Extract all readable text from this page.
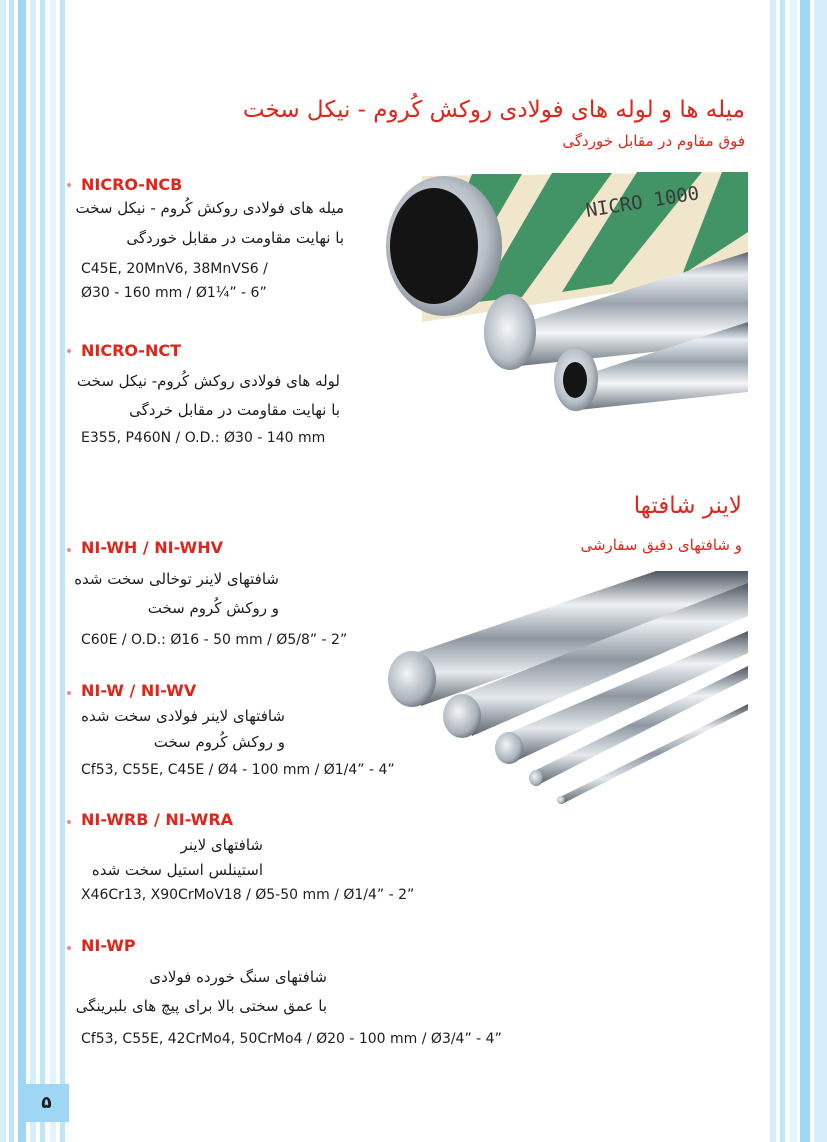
میله ها و لوله های فولادی روکش کُروم - نیکل سخت
فوق مقاوم در مقابل خوردگی
NICRO 1000
NICRO-NCB
میله های فولادی روکش کُروم - نیکل سخت
با نهایت مقاومت در مقابل خوردگی
C45E, 20MnV6, 38MnVS6 /
Ø30 - 160 mm / Ø1¼” - 6”
NICRO-NCT
لوله های فولادی روکش کُروم- نیکل سخت
با نهایت مقاومت در مقابل خردگی
E355, P460N / O.D.: Ø30 - 140 mm
لاینر شافتها
و شافتهای دقیق سفارشی
NI-WH / NI-WHV
شافتهای لاینر توخالی سخت شده
و روکش کُروم سخت
C60E / O.D.: Ø16 - 50 mm / Ø5/8” - 2”
NI-W / NI-WV
شافتهای لاینر فولادی سخت شده
و روکش کُروم سخت
Cf53, C55E, C45E / Ø4 - 100 mm / Ø1/4” - 4”
NI-WRB / NI-WRA
شافتهای لاینر
استینلس استیل سخت شده
X46Cr13, X90CrMoV18 / Ø5-50 mm / Ø1/4” - 2”
NI-WP
شافتهای سنگ خورده فولادی
با عمق سختی بالا برای پیچ های بلبرینگی
Cf53, C55E, 42CrMo4, 50CrMo4 / Ø20 - 100 mm / Ø3/4” - 4”
۵
